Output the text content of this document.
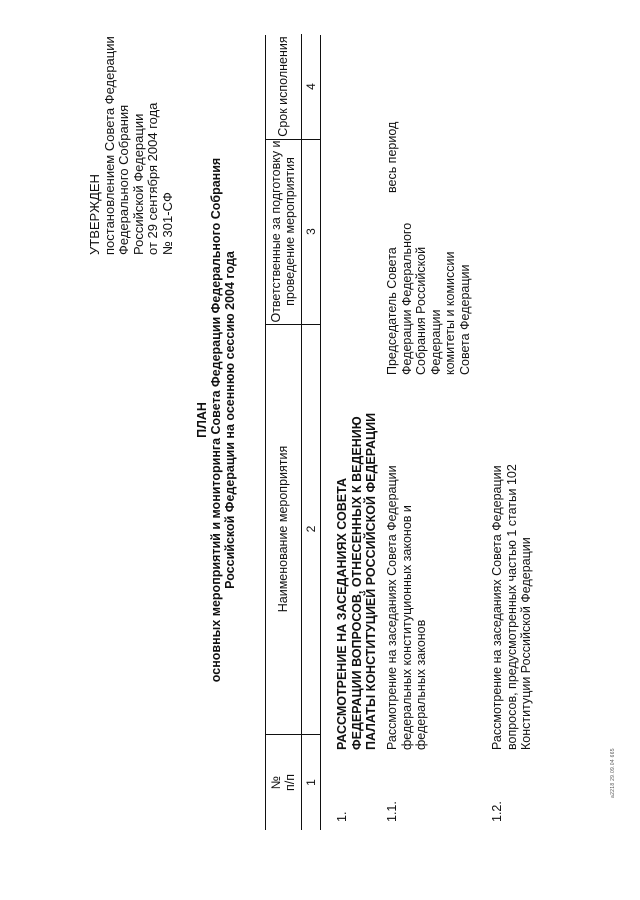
УТВЕРЖДЕН постановлением Совета Федерации Федерального Собрания Российской Федерации от 29 сентября 2004 года № 301-СФ
ПЛАН основных мероприятий и мониторинга Совета Федерации Федерального Собрания Российской Федерации на осеннюю сессию 2004 года
№
п/п 1
Наименование мероприятия	2
Ответственные за подготовку и
проведение мероприятия 3
Срок исполнения	4
1.
РАССМОТРЕНИЕ НА ЗАСЕДАНИЯХ СОВЕТА ФЕДЕРАЦИИ ВОПРОСОВ, ОТНЕСЕННЫХ К ВЕДЕНИЮ ПАЛАТЫ КОНСТИТУЦИЕЙ РОССИЙСКОЙ ФЕДЕРАЦИИ
1.1.
Рассмотрение на заседаниях Совета Федерации федеральных конституционных законов и федеральных законов
Председатель Совета Федерации Федерального Собрания Российской Федерации комитеты и комиссии Совета Федерации
весь период
1.2.
Рассмотрение на заседаниях Совета Федерации вопросов, предусмотренных частью 1 статьи 102 Конституции Российской Федерации
a2218 29.09.04 665
